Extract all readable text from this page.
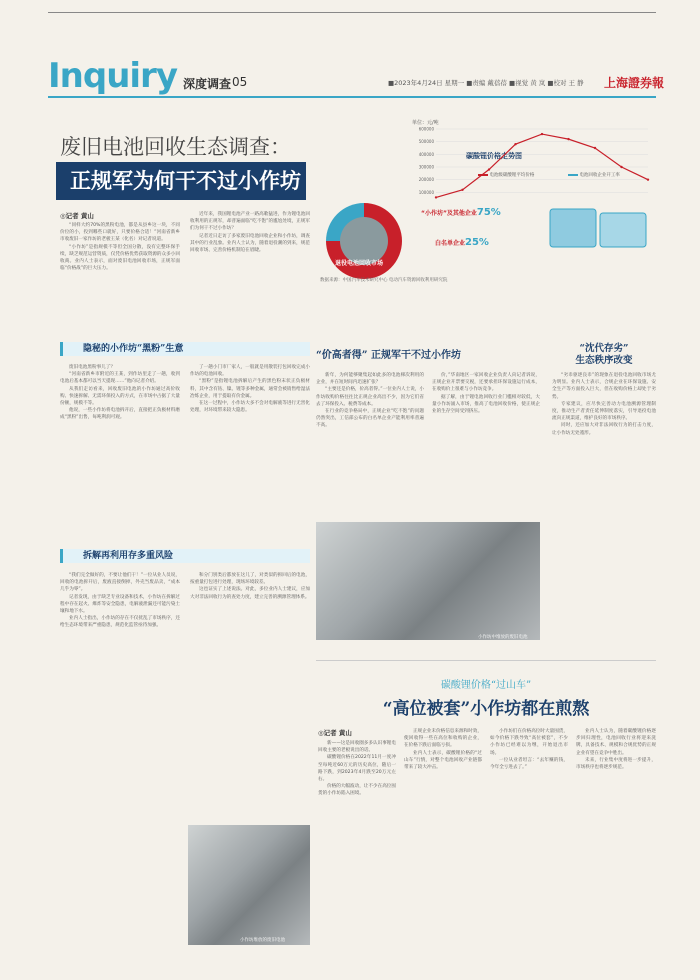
Inquiry 深度调查 05	■2023年4月24日 星期一 ■责编 戴蓓蓓 ■视觉 黄 岚 ■校对 王 静 上海證券報
废旧电池回收生态调查：
正规军为何干不过小作坊
◎记者 黄山

“同样大约70%的黑粉电池，都是从县乡这一块，不同价位的小，投到哪些口就好，只要价格合适！”河南省新乡市收废旧一家作坊的老板王某（化名）对记者说道。

“小作坊”是指规模不等但全国分散，没有完整环保手续，缺乏规范运营资质，仅凭价格优势获取资源的众多小回收商。业内人士表示，面对废旧电池回收市场，正规军面临“价格战”的巨大压力。

近年来，我国锂电池产业一路高歌猛进，作为锂电池回收利用的正规军，却普遍面临“吃不饱”的尴尬处境，正规军们为何干不过小作坊？

记者近日走访了多家废旧电池回收企业和小作坊，调查其中的行业乱象。业内人士认为，随着退役潮的到来，规范回收市场、完善价格机制迫在眉睫。

单位：元/吨
碳酸锂价格走势图
电池级碳酸锂平均价格	电池回收企业开工率
600000
500000
400000
300000
200000
100000
“小作坊”及其他企业75%
白名单企业25%
退役电池回收市场
数据来源：中国汽车技术研究中心 电动汽车资源回收利用研究院
隐秘的小作坊“黑粉”生意

废旧电池黑粉事儿了？

“河南省新乡市附近的王某，到作坊里走了一趟，收到电池后基本都可以当天提现……”他向记者介绍。

从我们走访看来，回收废旧电池的小作坊通过高价收购、快速拆解、无需环保投入的方式，在市场中占据了大量份额，规模不等。

他说，一些小作坊将电池拆开后，直接把正负极材料磨成“黑粉”出售，每吨利润可观。

了一趟小门市厂家人，一般就是用散装打包回收完成小作坊的电池回收。

“黑粉”是指锂电池拆解后产生的黑色粉末状正负极材料，其中含有钴、镍、锂等多种金属，通常会被销售给湿法冶炼企业，用于提取有价金属。

在这一过程中，小作坊大多不会对电解液等进行无害化处理，对环境带来较大隐患。

拆解再利用存多重风险

“我们完全做好的，不要让他们干！”一位从业人员说，回收的电池拆开后，废液直接倒掉，外壳当废品卖，“成本几乎为零”。

记者发现，由于缺乏专业设备和技术，小作坊在拆解过程中存在起火、爆炸等安全隐患，电解液泄漏还可能污染土壤和地下水。

业内人士指出，小作坊的存在不仅扰乱了市场秩序，还给生态环境带来严重隐患，规范化监管亟待加强。

和分门别类后都放在这儿了，对类似的拆回后的电池，按重量打包进行处理，现场环境较差。

这也证实了上述说法。对此，多位业内人士建议，应加大对非法回收行为的查处力度，建立完善的溯源管理体系。

小作坊堆放的废旧电池
“价高者得” 正规军干不过小作坊

新年，为何能够聚集起如此多的电池梯次利用的企业，并在短时间内迅速扩张？

“主要还是价格，价高者得。”一位业内人士说，小作坊收购价格往往比正规企业高出不少，因为它们省去了环保投入、税费等成本。

在行业的竞争格局中，正规企业“吃不饱”的问题仍然突出，工信部公布的白名单企业产能利用率普遍不高。

价，”华南地区一家回收企业负责人向记者诉说，正规企业开票要交税，还要承担环保设施运行成本，在收购价上很难与小作坊竞争。

据了解，由于锂电池回收行业门槛相对较低，大量小作坊涌入市场，推高了电池回收价格，使正规企业的生存空间受到挤压。

小作坊中堆放的废旧电池
“沈代存劣”
生态秩序改变

“劣币驱逐良币”的现象在退役电池回收市场尤为明显。业内人士表示，合规企业在环保设施、安全生产等方面投入巨大，但在收购价格上却处于劣势。

专家建议，应尽快完善动力电池溯源管理制度，推动生产者责任延伸制度落实，引导退役电池流向正规渠道，维护良好的市场秩序。

同时，还应加大对非法回收行为的打击力度，让小作坊无处遁形。

碳酸锂价格“过山车”
“高位被套”小作坊都在煎熬
◎记者 黄山

新——这是回收圈多多认识事锂电回收主要的老板说出的话。

碳酸锂价格在2022年11月一度冲至每吨近60万元的历史高位，随后一路下跌，到2023年4月跌至20万元左右。

价格的大幅波动，让不少在高位囤货的小作坊陷入困境。

正规企业未价格信息来源和时效，使回收得一些在高位和收购的企业，在价格下跌后面临亏损。

业内人士表示，碳酸锂价格的“过山车”行情，对整个电池回收产业链都带来了较大冲击。

小作坊们在价格高位时大量囤货，如今价格下跌导致“高位被套”，不少小作坊已经难以为继，开始退出市场。

一位从业者坦言：“去年赚的钱，今年全亏进去了。”

业内人士认为，随着碳酸锂价格逐步回归理性，电池回收行业将迎来洗牌，具备技术、规模和合规优势的正规企业有望在竞争中胜出。

未来，行业集中度将进一步提升，市场秩序也将逐步规范。
